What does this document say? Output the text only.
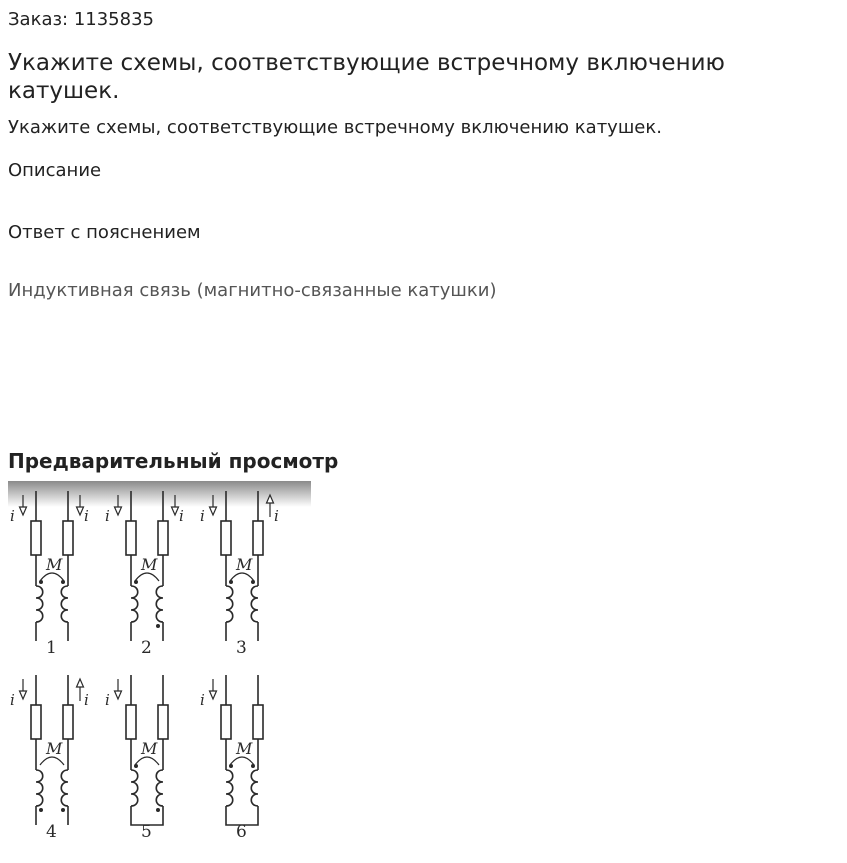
Заказ: 1135835
Укажите схемы, соответствующие встречному включению катушек.
Укажите схемы, соответствующие встречному включению катушек.
Описание
Ответ с пояснением
Индуктивная связь (магнитно-связанные катушки)
Предварительный просмотр
M
i	i
1
M
i	i
2
M
i	i
3
M
i	i
4
M
i
5
M
i
6
